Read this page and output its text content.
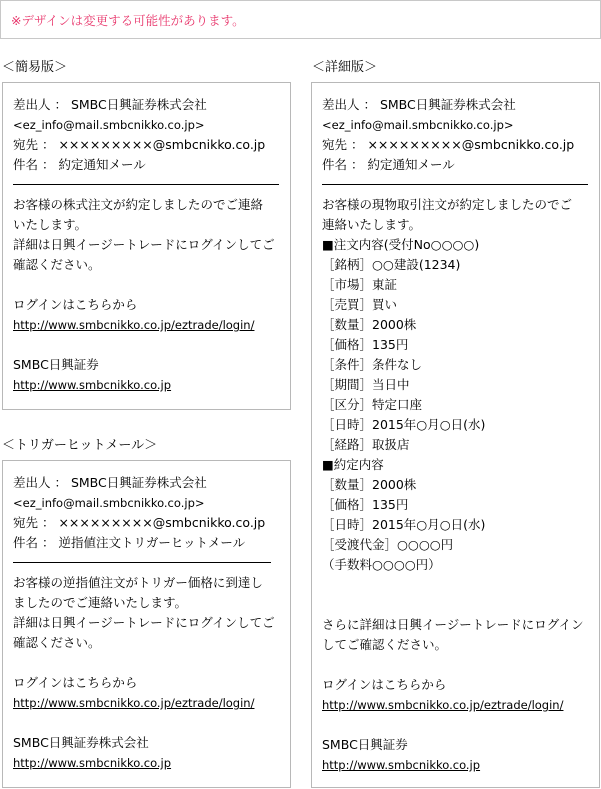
※デザインは変更する可能性があります。
＜簡易版＞
差出人 ： SMBC日興証券株式会社
<ez_info@mail.smbcnikko.co.jp>
宛先 ： ×××××××××@smbcnikko.co.jp
件名 ： 約定通知メール
お客様の株式注文が約定しましたのでご連絡
いたします。
詳細は日興イージートレードにログインしてご
確認ください。
ログインはこちらから
http://www.smbcnikko.co.jp/eztrade/login/
SMBC日興証券
http://www.smbcnikko.co.jp
＜トリガーヒットメール＞
差出人 ： SMBC日興証券株式会社
<ez_info@mail.smbcnikko.co.jp>
宛先 ： ×××××××××@smbcnikko.co.jp
件名 ： 逆指値注文トリガーヒットメール
お客様の逆指値注文がトリガー価格に到達し
ましたのでご連絡いたします。
詳細は日興イージートレードにログインしてご
確認ください。
ログインはこちらから
http://www.smbcnikko.co.jp/eztrade/login/
SMBC日興証券株式会社
http://www.smbcnikko.co.jp
＜詳細版＞
差出人 ： SMBC日興証券株式会社
<ez_info@mail.smbcnikko.co.jp>
宛先 ： ×××××××××@smbcnikko.co.jp
件名 ： 約定通知メール
お客様の現物取引注文が約定しましたのでご
連絡いたします。
■注文内容(受付No○○○○)
［銘柄］○○建設(1234)
［市場］東証
［売買］買い
［数量］2000株
［価格］135円
［条件］条件なし
［期間］当日中
［区分］特定口座
［日時］2015年○月○日(水)
［経路］取扱店
■約定内容
［数量］2000株
［価格］135円
［日時］2015年○月○日(水)
［受渡代金］○○○○円
（手数料○○○○円）
さらに詳細は日興イージートレードにログイン
してご確認ください。
ログインはこちらから
http://www.smbcnikko.co.jp/eztrade/login/
SMBC日興証券
http://www.smbcnikko.co.jp
